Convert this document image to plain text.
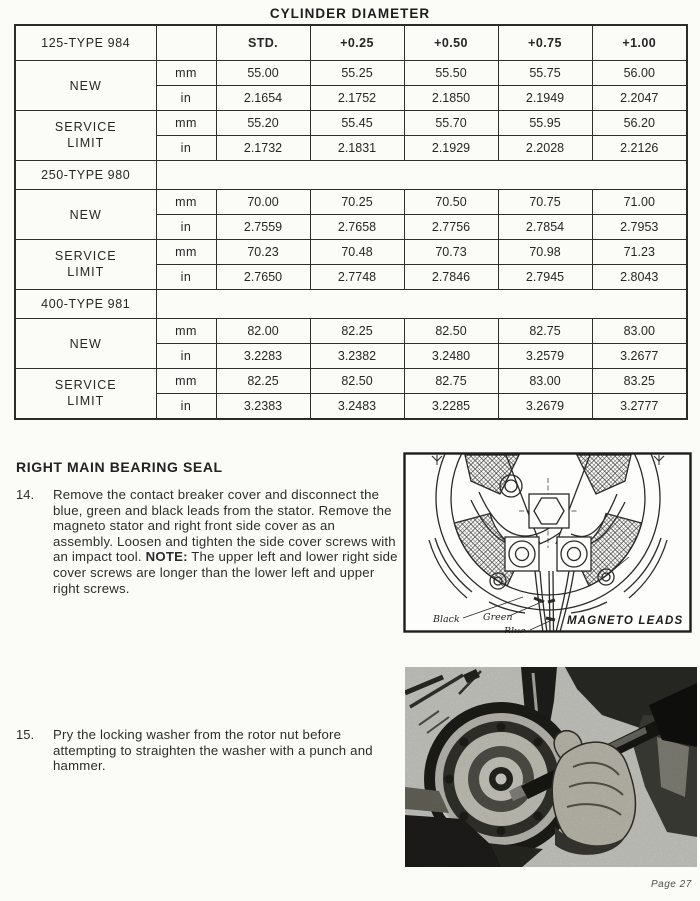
CYLINDER DIAMETER
125-TYPE 984		STD.	+0.25	+0.50	+0.75	+1.00

NEW	mm	55.00	55.25	55.50	55.75	56.00
	in	2.1654	2.1752	2.1850	2.1949	2.2047

SERVICE LIMIT	mm	55.20	55.45	55.70	55.95	56.20
	in	2.1732	2.1831	2.1929	2.2028	2.2126
250-TYPE 980						

NEW	mm	70.00	70.25	70.50	70.75	71.00
	in	2.7559	2.7658	2.7756	2.7854	2.7953

SERVICE LIMIT	mm	70.23	70.48	70.73	70.98	71.23
	in	2.7650	2.7748	2.7846	2.7945	2.8043
400-TYPE 981						

NEW	mm	82.00	82.25	82.50	82.75	83.00
	in	3.2283	3.2382	3.2480	3.2579	3.2677

SERVICE LIMIT	mm	82.25	82.50	82.75	83.00	83.25
	in	3.2383	3.2483	3.2285	3.2679	3.2777
RIGHT MAIN BEARING SEAL
14.	Remove the contact breaker cover and disconnect the blue, green and black leads from the stator. Remove the magneto stator and right front side cover as an assembly. Loosen and tighten the side cover screws with an impact tool. NOTE: The upper left and lower right side cover screws are longer than the lower left and upper right screws.
15.	Pry the locking washer from the rotor nut before attempting to straighten the washer with a punch and hammer.
Black Green
Blue
MAGNETO LEADS
Page 27
